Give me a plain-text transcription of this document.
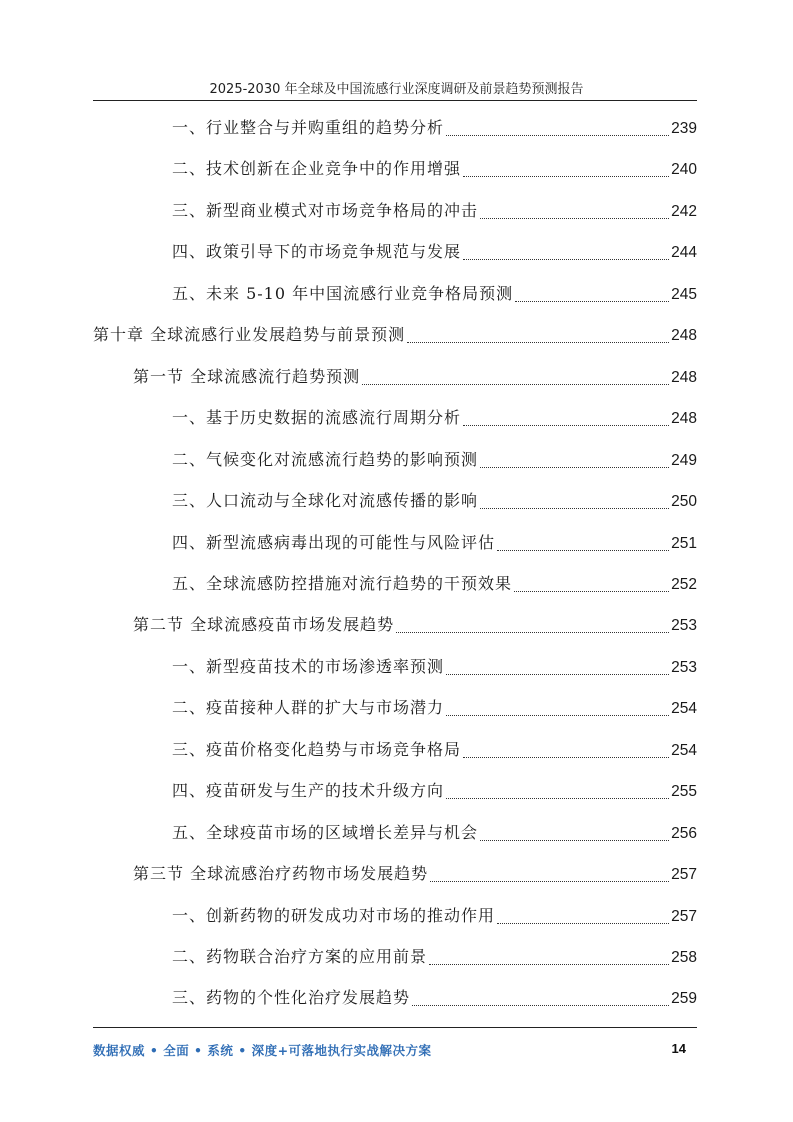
2025-2030 年全球及中国流感行业深度调研及前景趋势预测报告
一、行业整合与并购重组的趋势分析	239
二、技术创新在企业竞争中的作用增强	240
三、新型商业模式对市场竞争格局的冲击	242
四、政策引导下的市场竞争规范与发展	244
五、未来 5-10 年中国流感行业竞争格局预测	245
第十章 全球流感行业发展趋势与前景预测	248
第一节 全球流感流行趋势预测	248
一、基于历史数据的流感流行周期分析	248
二、气候变化对流感流行趋势的影响预测	249
三、人口流动与全球化对流感传播的影响	250
四、新型流感病毒出现的可能性与风险评估	251
五、全球流感防控措施对流行趋势的干预效果	252
第二节 全球流感疫苗市场发展趋势	253
一、新型疫苗技术的市场渗透率预测	253
二、疫苗接种人群的扩大与市场潜力	254
三、疫苗价格变化趋势与市场竞争格局	254
四、疫苗研发与生产的技术升级方向	255
五、全球疫苗市场的区域增长差异与机会	256
第三节 全球流感治疗药物市场发展趋势	257
一、创新药物的研发成功对市场的推动作用	257
二、药物联合治疗方案的应用前景	258
三、药物的个性化治疗发展趋势	259
数据权威 • 全面 • 系统 • 深度+可落地执行实战解决方案	14
